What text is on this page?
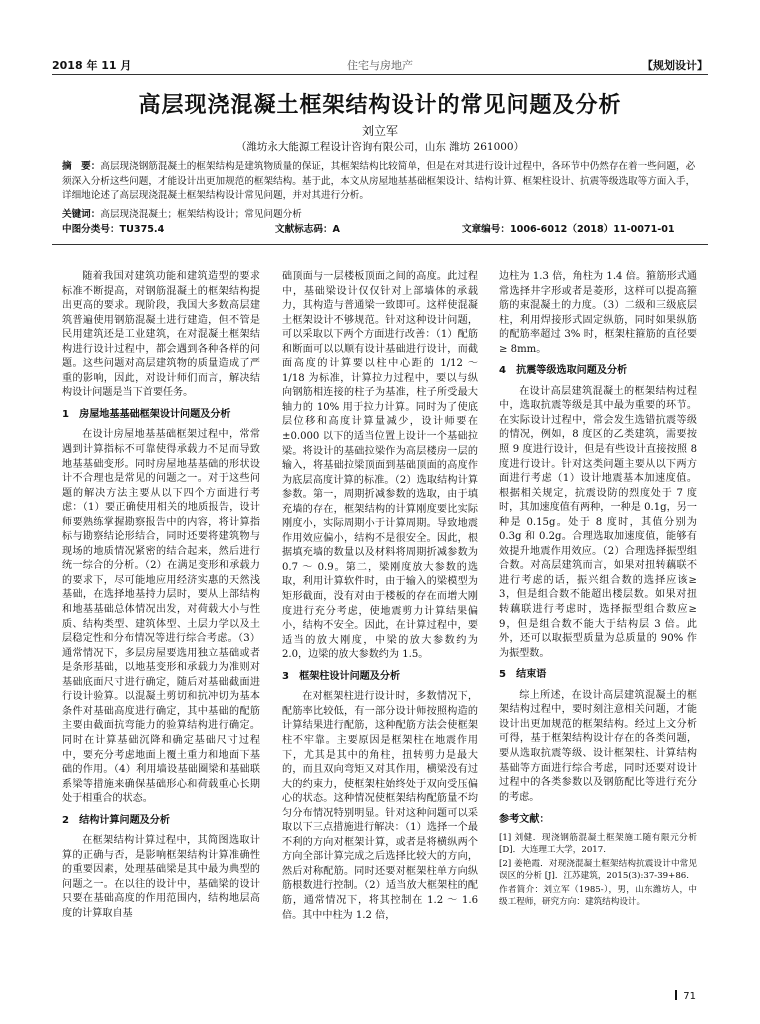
2018 年 11 月	住宅与房地产	【规划设计】
高层现浇混凝土框架结构设计的常见问题及分析
刘立军
（潍坊永大能源工程设计咨询有限公司，山东 潍坊 261000）
摘　要：高层现浇钢筋混凝土的框架结构是建筑物质量的保证，其框架结构比较简单，但是在对其进行设计过程中，各环节中仍然存在着一些问题，必须深入分析这些问题，才能设计出更加规范的框架结构。基于此，本文从房屋地基基础框架设计、结构计算、框架柱设计、抗震等级选取等方面入手，详细地论述了高层现浇混凝土框架结构设计常见问题，并对其进行分析。
关键词：高层现浇混凝土；框架结构设计；常见问题分析
中图分类号：TU375.4	文献标志码：A	文章编号：1006-6012（2018）11-0071-01

随着我国对建筑功能和建筑造型的要求标准不断提高，对钢筋混凝土的框架结构提出更高的要求。现阶段，我国大多数高层建筑普遍使用钢筋混凝土进行建造，但不管是民用建筑还是工业建筑，在对混凝土框架结构进行设计过程中，都会遇到各种各样的问题。这些问题对高层建筑物的质量造成了严重的影响，因此，对设计师们而言，解决结构设计问题是当下首要任务。

1　房屋地基基础框架设计问题及分析

在设计房屋地基基础框架过程中，常常遇到计算指标不可靠使得承载力不足而导致地基基础变形。同时房屋地基基础的形状设计不合理也是常见的问题之一。对于这些问题的解决方法主要从以下四个方面进行考虑：（1）要正确使用相关的地质报告，设计师要熟练掌握勘察报告中的内容，将计算指标与勘察结论形结合，同时还要将建筑物与现场的地质情况紧密的结合起来，然后进行统一综合的分析。（2）在满足变形和承载力的要求下，尽可能地应用经济实惠的天然浅基础，在选择地基持力层时，要从上部结构和地基基础总体情况出发，对荷载大小与性质、结构类型、建筑体型、土层力学以及土层稳定性和分布情况等进行综合考虑。（3）通常情况下，多层房屋要选用独立基础或者是条形基础，以地基变形和承载力为准则对基础底面尺寸进行确定，随后对基础截面进行设计验算。以混凝土剪切和抗冲切为基本条件对基础高度进行确定，其中基础的配筋主要由截面抗弯能力的验算结构进行确定。同时在计算基础沉降和确定基础尺寸过程中，要充分考虑地面上覆土重力和地面下基础的作用。（4）利用墙设基础圈梁和基础联系梁等措施来确保基础形心和荷载重心长期处于相重合的状态。

2　结构计算问题及分析

在框架结构计算过程中，其简图选取计算的正确与否，是影响框架结构计算准确性的重要因素，处理基础梁是其中最为典型的问题之一。在以往的设计中，基础梁的设计只要在基础高度的作用范围内，结构地层高度的计算取自基

础顶面与一层楼板顶面之间的高度。此过程中，基础梁设计仅仅针对上部墙体的承载力，其构造与普通梁一致即可。这样使混凝土框架设计不够规范。针对这种设计问题，可以采取以下两个方面进行改善：（1）配筋和断面可以以顺有设计基础进行设计，而截面高度的计算要以柱中心距的 1/12 ～ 1/18 为标准，计算拉力过程中，要以与纵向钢筋相连接的柱子为基准，柱子所受最大轴力的 10% 用于拉力计算。同时为了使底层位移和高度计算量减少，设计师要在 ±0.000 以下的适当位置上设计一个基础拉梁。将设计的基础拉梁作为高层楼房一层的输入，将基础拉梁顶面到基础顶面的高度作为底层高度计算的标准。（2）选取结构计算参数。第一，周期折减参数的选取，由于填充墙的存在，框架结构的计算刚度要比实际刚度小，实际周期小于计算周期。导致地震作用效应偏小，结构不是很安全。因此，根据填充墙的数量以及材料将周期折减参数为 0.7 ～ 0.9。第二，梁刚度放大参数的选取，利用计算软件时，由于输入的梁模型为矩形截面，没有对由于楼板的存在而增大刚度进行充分考虑，使地震剪力计算结果偏小，结构不安全。因此，在计算过程中，要适当的放大刚度，中梁的放大参数约为 2.0，边梁的放大参数约为 1.5。

3　框架柱设计问题及分析

在对框架柱进行设计时，多数情况下，配筋率比较低，有一部分设计师按照构造的计算结果进行配筋，这种配筋方法会使框架柱不牢靠。主要原因是框架柱在地震作用下，尤其是其中的角柱，扭转剪力是最大的，而且双向弯矩又对其作用，横梁没有过大的约束力，使框架柱始终处于双向受压偏心的状态。这种情况使框架结构配筋量不均匀分布情况特别明显。针对这种问题可以采取以下三点措施进行解决：（1）选择一个最不利的方向对框架计算，或者是将横纵两个方向全部计算完成之后选择比较大的方向，然后对称配筋。同时还要对框架柱单方向纵筋根数进行控制。（2）适当放大框架柱的配筋，通常情况下，将其控制在 1.2 ～ 1.6 倍。其中中柱为 1.2 倍，

边柱为 1.3 倍，角柱为 1.4 倍。箍筋形式通常选择井字形或者是菱形，这样可以提高箍筋的束混凝土的力度。（3）二级和三级底层柱，利用焊接形式固定纵筋，同时如果纵筋的配筋率超过 3% 时，框架柱箍筋的直径要≥ 8mm。

4　抗震等级选取问题及分析

在设计高层建筑混凝土的框架结构过程中，选取抗震等级是其中最为重要的环节。在实际设计过程中，常会发生选错抗震等级的情况，例如，8 度区的乙类建筑，需要按照 9 度进行设计，但是有些设计直接按照 8 度进行设计。针对这类问题主要从以下两方面进行考虑（1）设计地震基本加速度值。根据相关规定，抗震设防的烈度处于 7 度时，其加速度值有两种，一种是 0.1g，另一种是 0.15g。处于 8 度时，其值分别为 0.3g 和 0.2g。合理选取加速度值，能够有效提升地震作用效应。（2）合理选择振型组合数。对高层建筑而言，如果对扭转藕联不进行考虑的话，振兴组合数的选择应该≥ 3，但是组合数不能超出楼层数。如果对扭转藕联进行考虑时，选择振型组合数应≥ 9，但是组合数不能大于结构层 3 倍。此外，还可以取振型质量为总质量的 90% 作为振型数。

5　结束语

综上所述，在设计高层建筑混凝土的框架结构过程中，要时刻注意相关问题，才能设计出更加规范的框架结构。经过上文分析可得，基于框架结构设计存在的各类问题，要从选取抗震等级、设计框架柱、计算结构基础等方面进行综合考虑，同时还要对设计过程中的各类参数以及钢筋配比等进行充分的考虑。

参考文献：
[1] 刘健．现浇钢筋混凝土框架施工随有限元分析 [D]．大连理工大学，2017.
[2] 姜艳霞．对现浇混凝土框架结构抗震设计中常见误区的分析 [J]．江苏建筑，2015(3):37-39+86.

作者简介：刘立军（1985-），男，山东潍坊人，中级工程师，研究方向：建筑结构设计。

71
